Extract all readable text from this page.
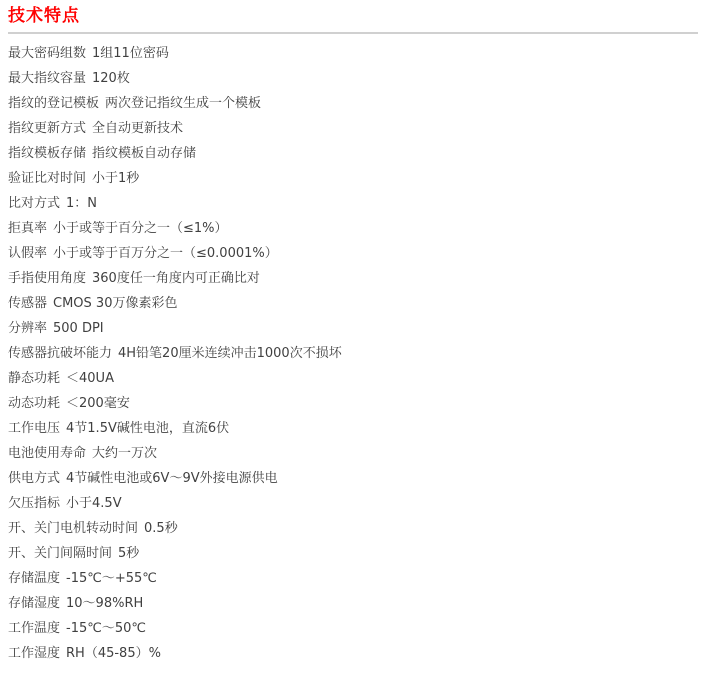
技术特点
最大密码组数 1组11位密码
最大指纹容量 120枚
指纹的登记模板 两次登记指纹生成一个模板
指纹更新方式 全自动更新技术
指纹模板存储 指纹模板自动存储
验证比对时间 小于1秒
比对方式 1：N
拒真率 小于或等于百分之一（≤1%）
认假率 小于或等于百万分之一（≤0.0001%）
手指使用角度 360度任一角度内可正确比对
传感器 CMOS 30万像素彩色
分辨率 500 DPI
传感器抗破坏能力 4H铅笔20厘米连续冲击1000次不损坏
静态功耗 ＜40UA
动态功耗 ＜200毫安
工作电压 4节1.5V碱性电池，直流6伏
电池使用寿命 大约一万次
供电方式 4节碱性电池或6V～9V外接电源供电
欠压指标 小于4.5V
开、关门电机转动时间 0.5秒
开、关门间隔时间 5秒
存储温度 -15℃～+55℃
存储湿度 10～98%RH
工作温度 -15℃～50℃
工作湿度 RH（45-85）%
